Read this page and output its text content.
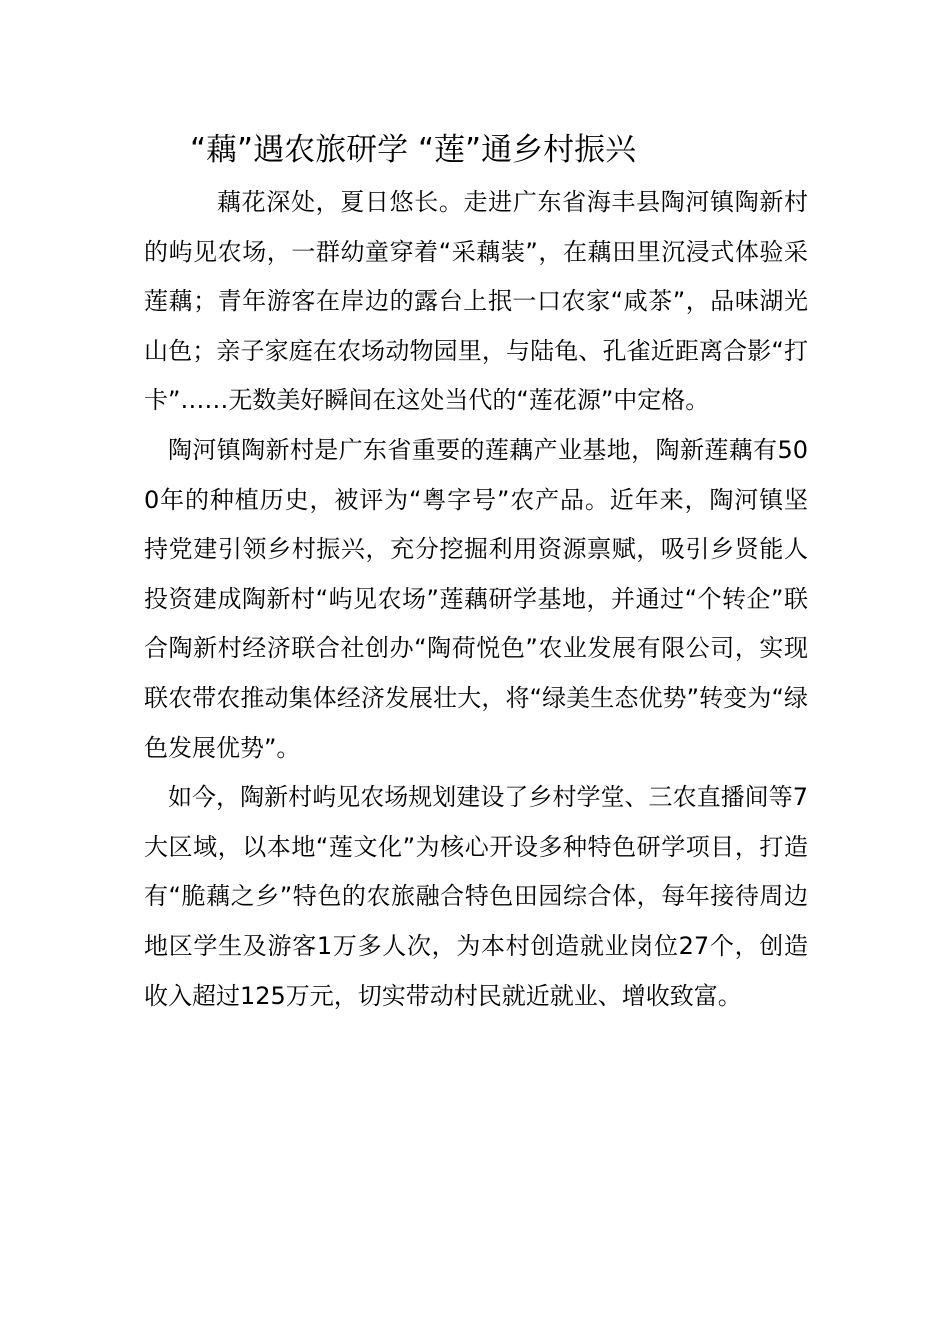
“藕”遇农旅研学 “莲”通乡村振兴

藕花深处，夏日悠长。走进广东省海丰县陶河镇陶新村的屿见农场，一群幼童穿着“采藕装”，在藕田里沉浸式体验采莲藕；青年游客在岸边的露台上抿一口农家“咸茶”，品味湖光山色；亲子家庭在农场动物园里，与陆龟、孔雀近距离合影“打卡”……无数美好瞬间在这处当代的“莲花源”中定格。

陶河镇陶新村是广东省重要的莲藕产业基地，陶新莲藕有500年的种植历史，被评为“粤字号”农产品。近年来，陶河镇坚持党建引领乡村振兴，充分挖掘利用资源禀赋，吸引乡贤能人投资建成陶新村“屿见农场”莲藕研学基地，并通过“个转企”联合陶新村经济联合社创办“陶荷悦色”农业发展有限公司，实现联农带农推动集体经济发展壮大，将“绿美生态优势”转变为“绿色发展优势”。

如今，陶新村屿见农场规划建设了乡村学堂、三农直播间等7大区域，以本地“莲文化”为核心开设多种特色研学项目，打造有“脆藕之乡”特色的农旅融合特色田园综合体，每年接待周边地区学生及游客1万多人次，为本村创造就业岗位27个，创造收入超过125万元，切实带动村民就近就业、增收致富。
